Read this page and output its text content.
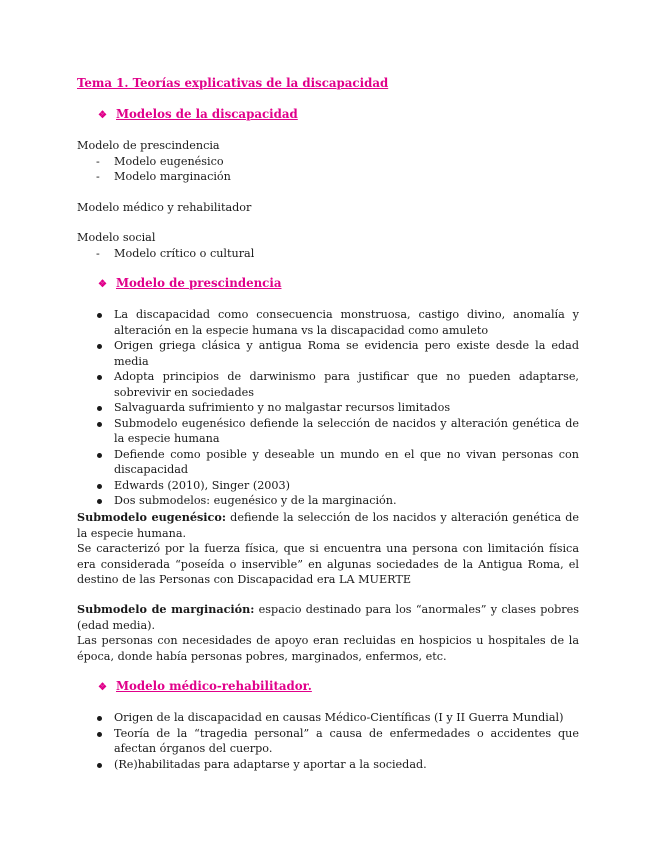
Tema 1. Teorías explicativas de la discapacidad
❖ Modelos de la discapacidad
Modelo de prescindencia
- Modelo eugenésico
- Modelo marginación
Modelo médico y rehabilitador
Modelo social
- Modelo crítico o cultural
❖ Modelo de prescindencia
La discapacidad como consecuencia monstruosa, castigo divino, anomalía y alteración en la especie humana vs la discapacidad como amuleto
Origen griega clásica y antigua Roma se evidencia pero existe desde la edad media
Adopta principios de darwinismo para justificar que no pueden adaptarse, sobrevivir en sociedades
Salvaguarda sufrimiento y no malgastar recursos limitados
Submodelo eugenésico defiende la selección de nacidos y alteración genética de la especie humana
Defiende como posible y deseable un mundo en el que no vivan personas con discapacidad
Edwards (2010), Singer (2003)
Dos submodelos: eugenésico y de la marginación.

Submodelo eugenésico: defiende la selección de los nacidos y alteración genética de la especie humana.

Se caracterizó por la fuerza física, que si encuentra una persona con limitación física era considerada “poseída o inservible” en algunas sociedades de la Antigua Roma, el destino de las Personas con Discapacidad era LA MUERTE

Submodelo de marginación: espacio destinado para los “anormales” y clases pobres (edad media).

Las personas con necesidades de apoyo eran recluidas en hospicios u hospitales de la época, donde había personas pobres, marginados, enfermos, etc.

❖ Modelo médico-rehabilitador.
Origen de la discapacidad en causas Médico-Científicas (I y II Guerra Mundial)
Teoría de la “tragedia personal” a causa de enfermedades o accidentes que afectan órganos del cuerpo.
(Re)habilitadas para adaptarse y aportar a la sociedad.
